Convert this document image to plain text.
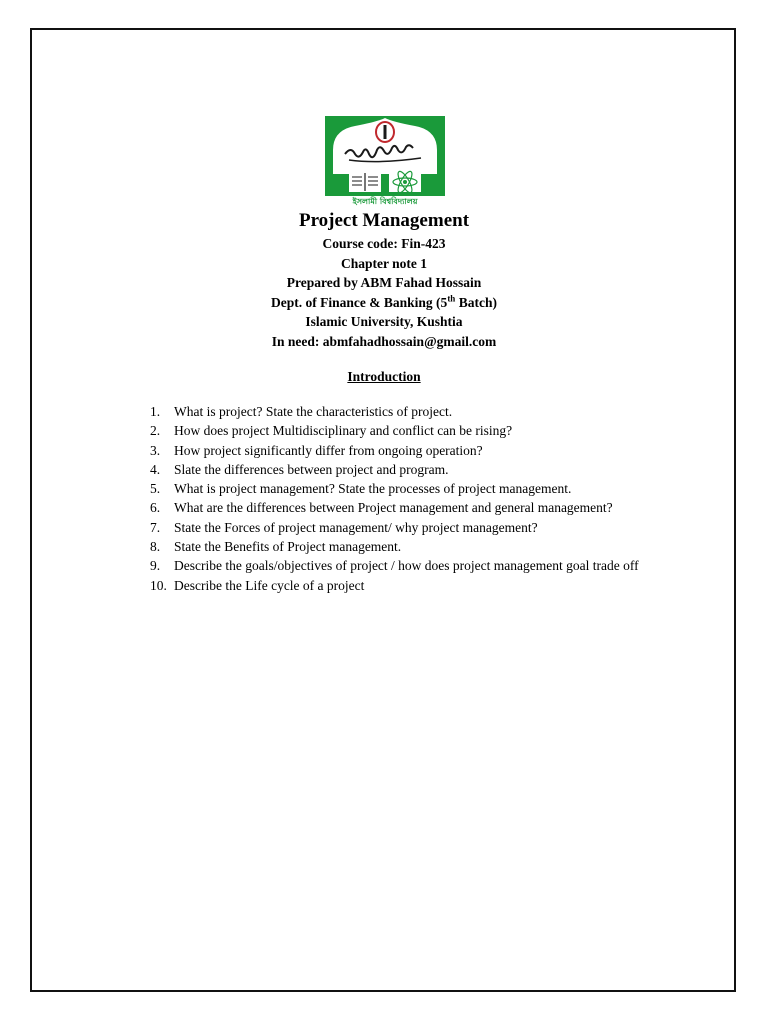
ইসলামী বিশ্ববিদ্যালয়

Project Management

Course code: Fin-423

Chapter note 1

Prepared by ABM Fahad Hossain

Dept. of Finance & Banking (5th Batch)

Islamic University, Kushtia

In need: abmfahadhossain@gmail.com

Introduction
1.	What is project? State the characteristics of project.
2.	How does project Multidisciplinary and conflict can be rising?
3.	How project significantly differ from ongoing operation?
4.	Slate the differences between project and program.
5.	What is project management? State the processes of project management.
6.	What are the differences between Project management and general management?
7.	State the Forces of project management/ why project management?
8.	State the Benefits of Project management.
9.	Describe the goals/objectives of project / how does project management goal trade off
10. Describe the Life cycle of a project
